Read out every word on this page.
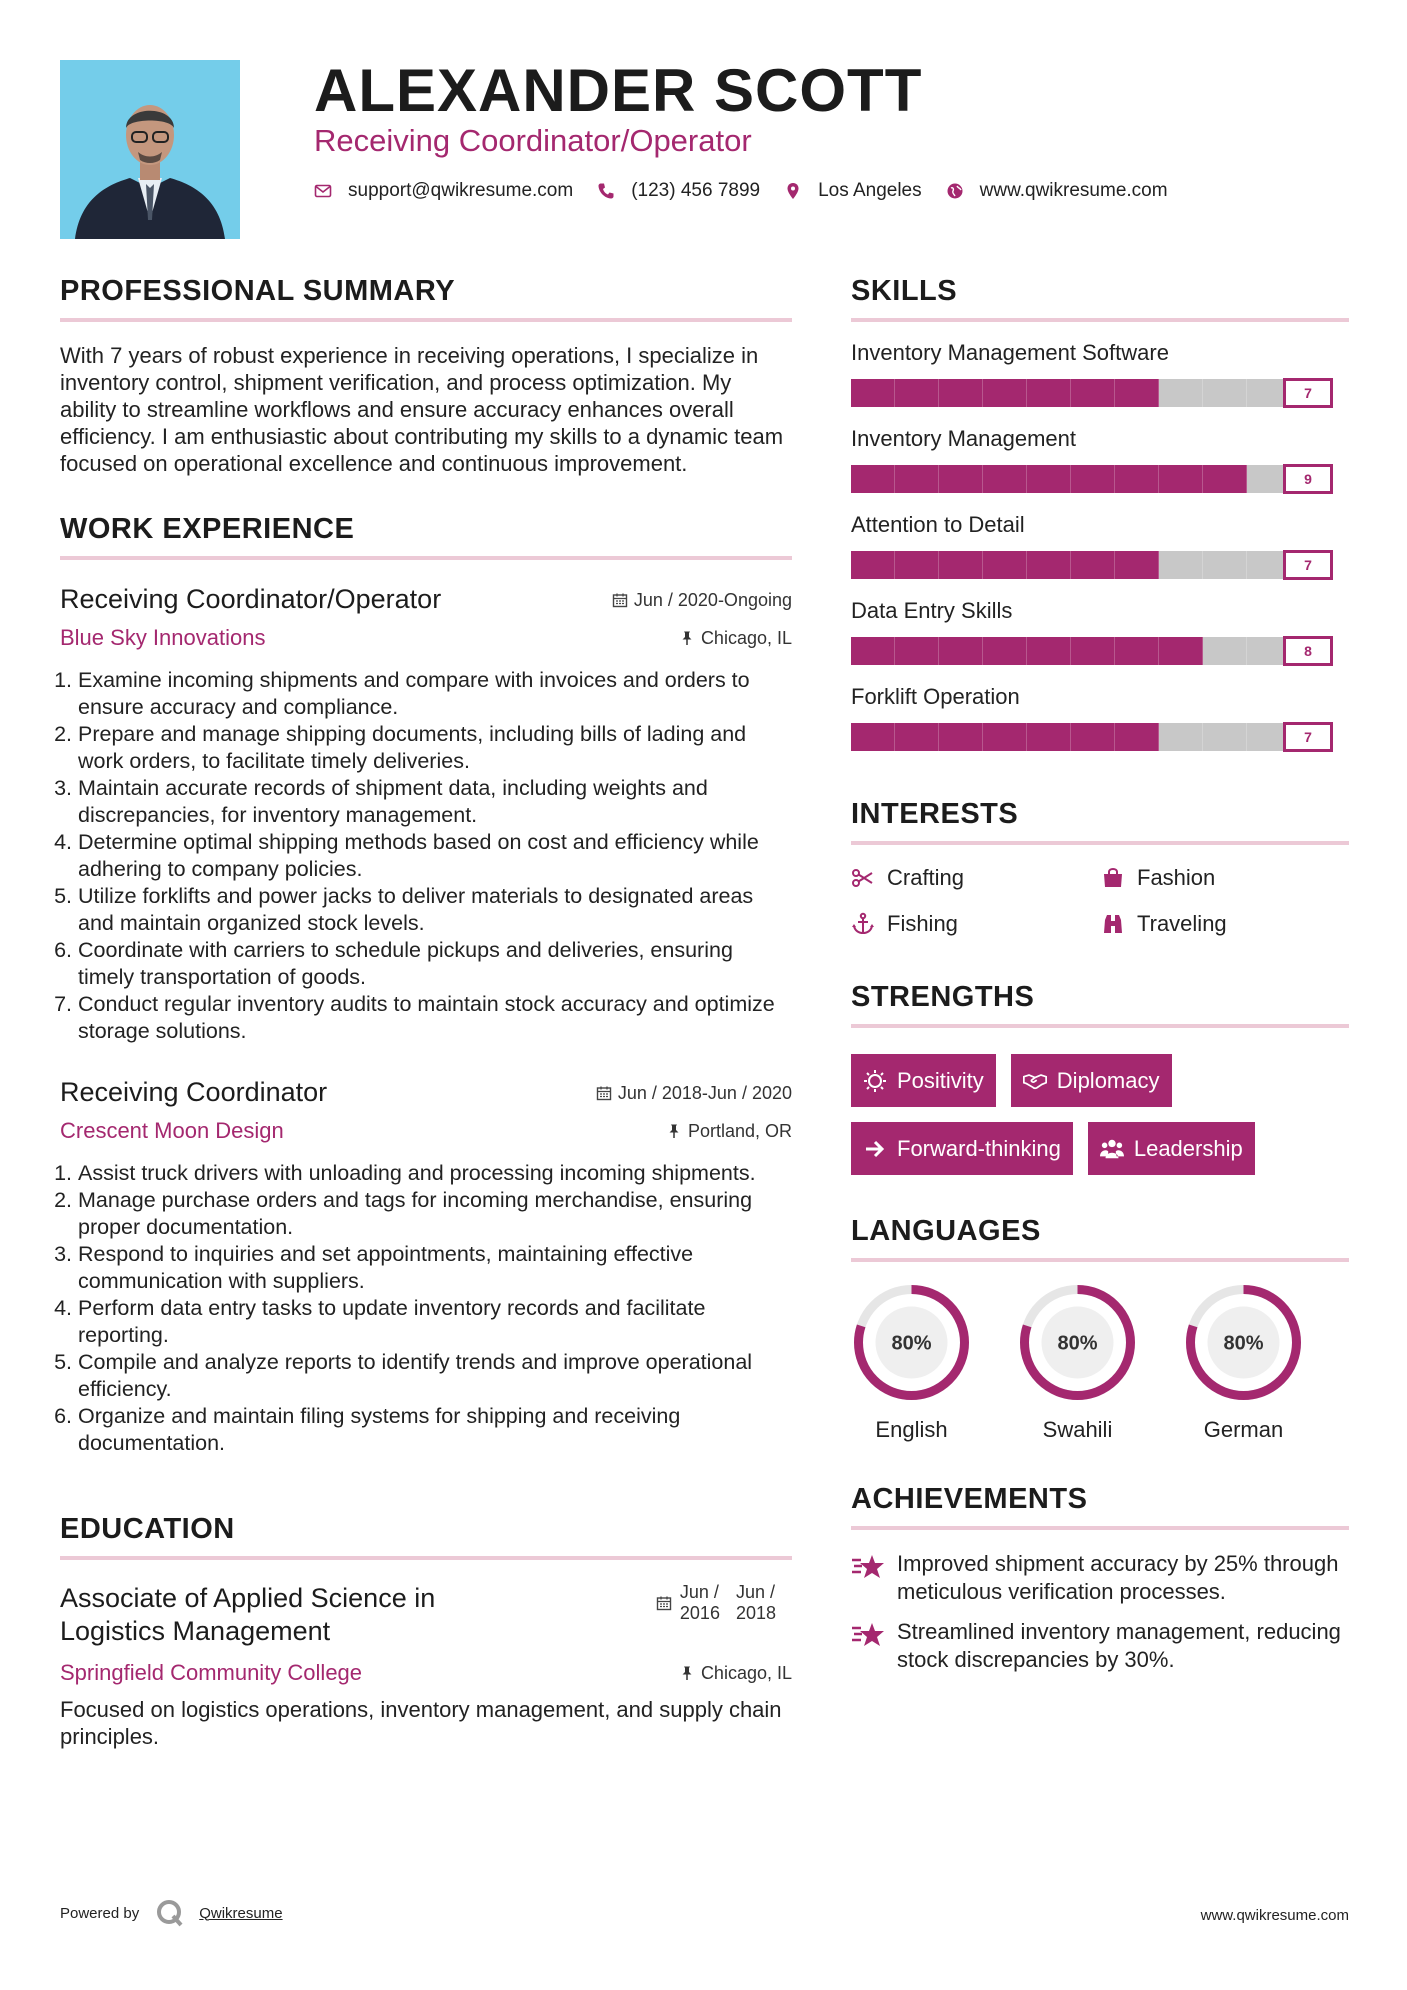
ALEXANDER SCOTT
Receiving Coordinator/Operator
support@qwikresume.com	(123) 456 7899	Los Angeles	www.qwikresume.com
PROFESSIONAL SUMMARY

With 7 years of robust experience in receiving operations, I specialize in inventory control, shipment verification, and process optimization. My ability to streamline workflows and ensure accuracy enhances overall efficiency. I am enthusiastic about contributing my skills to a dynamic team focused on operational excellence and continuous improvement.

WORK EXPERIENCE
Receiving Coordinator/Operator	Jun / 2020-Ongoing
Blue Sky Innovations	Chicago, IL
1. Examine incoming shipments and compare with invoices and orders to ensure accuracy and compliance.
2. Prepare and manage shipping documents, including bills of lading and work orders, to facilitate timely deliveries.
3. Maintain accurate records of shipment data, including weights and discrepancies, for inventory management.
4. Determine optimal shipping methods based on cost and efficiency while adhering to company policies.
5. Utilize forklifts and power jacks to deliver materials to designated areas and maintain organized stock levels.
6. Coordinate with carriers to schedule pickups and deliveries, ensuring timely transportation of goods.
7. Conduct regular inventory audits to maintain stock accuracy and optimize storage solutions.
Receiving Coordinator	Jun / 2018-Jun / 2020
Crescent Moon Design	Portland, OR
1. Assist truck drivers with unloading and processing incoming shipments.
2. Manage purchase orders and tags for incoming merchandise, ensuring proper documentation.
3. Respond to inquiries and set appointments, maintaining effective communication with suppliers.
4. Perform data entry tasks to update inventory records and facilitate reporting.
5. Compile and analyze reports to identify trends and improve operational efficiency.
6. Organize and maintain filing systems for shipping and receiving documentation.
EDUCATION
Associate of Applied Science in Logistics Management
Jun /
2016
Jun /
2018
Springfield Community College	Chicago, IL

Focused on logistics operations, inventory management, and supply chain principles.

SKILLS
Inventory Management Software
7
Inventory Management
9
Attention to Detail
7
Data Entry Skills
8
Forklift Operation
7
INTERESTS
Crafting	Fashion
Fishing	Traveling
STRENGTHS
Positivity	Diplomacy
Forward-thinking	Leadership
LANGUAGES
80%
English
80%
Swahili
80%
German
ACHIEVEMENTS
Improved shipment accuracy by 25% through meticulous verification processes.
Streamlined inventory management, reducing stock discrepancies by 30%.
Powered by	Qwikresume	www.qwikresume.com
